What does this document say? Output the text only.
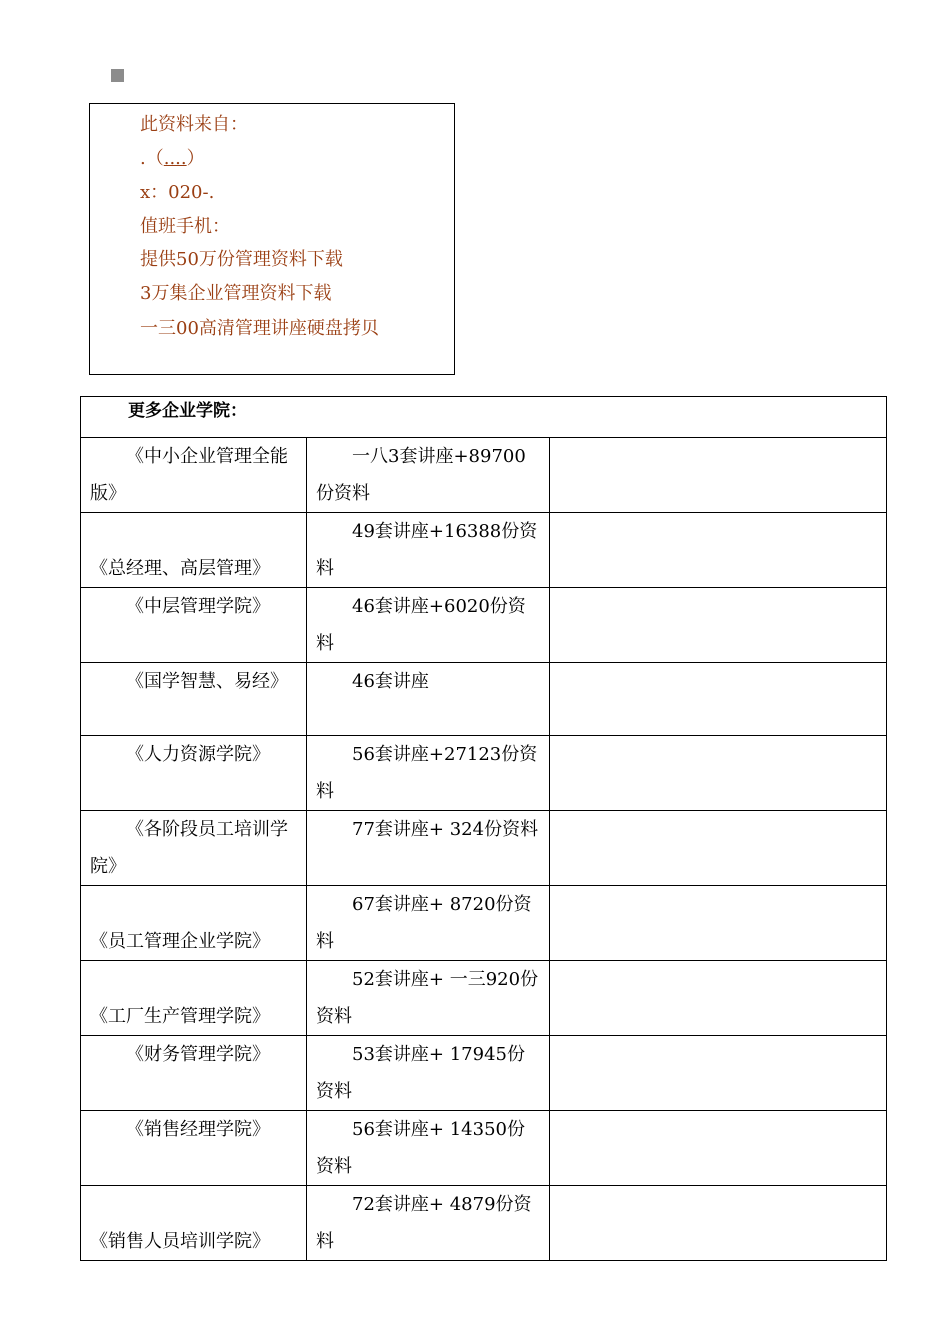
此资料来自：
.（....）
x：020-.
值班手机：
提供50万份管理资料下载
3万集企业管理资料下载
一三00高清管理讲座硬盘拷贝
更多企业学院：		
《中小企业管理全能版》	一八3套讲座+89700份资料	
《总经理、高层管理》	49套讲座+16388份资料	
《中层管理学院》	46套讲座+6020份资料	
《国学智慧、易经》	46套讲座	
《人力资源学院》	56套讲座+27123份资料	
《各阶段员工培训学院》	77套讲座+ 324份资料	
《员工管理企业学院》	67套讲座+ 8720份资料	
《工厂生产管理学院》	52套讲座+ 一三920份资料	
《财务管理学院》	53套讲座+ 17945份资料	
《销售经理学院》	56套讲座+ 14350份资料	
《销售人员培训学院》	72套讲座+ 4879份资料	
